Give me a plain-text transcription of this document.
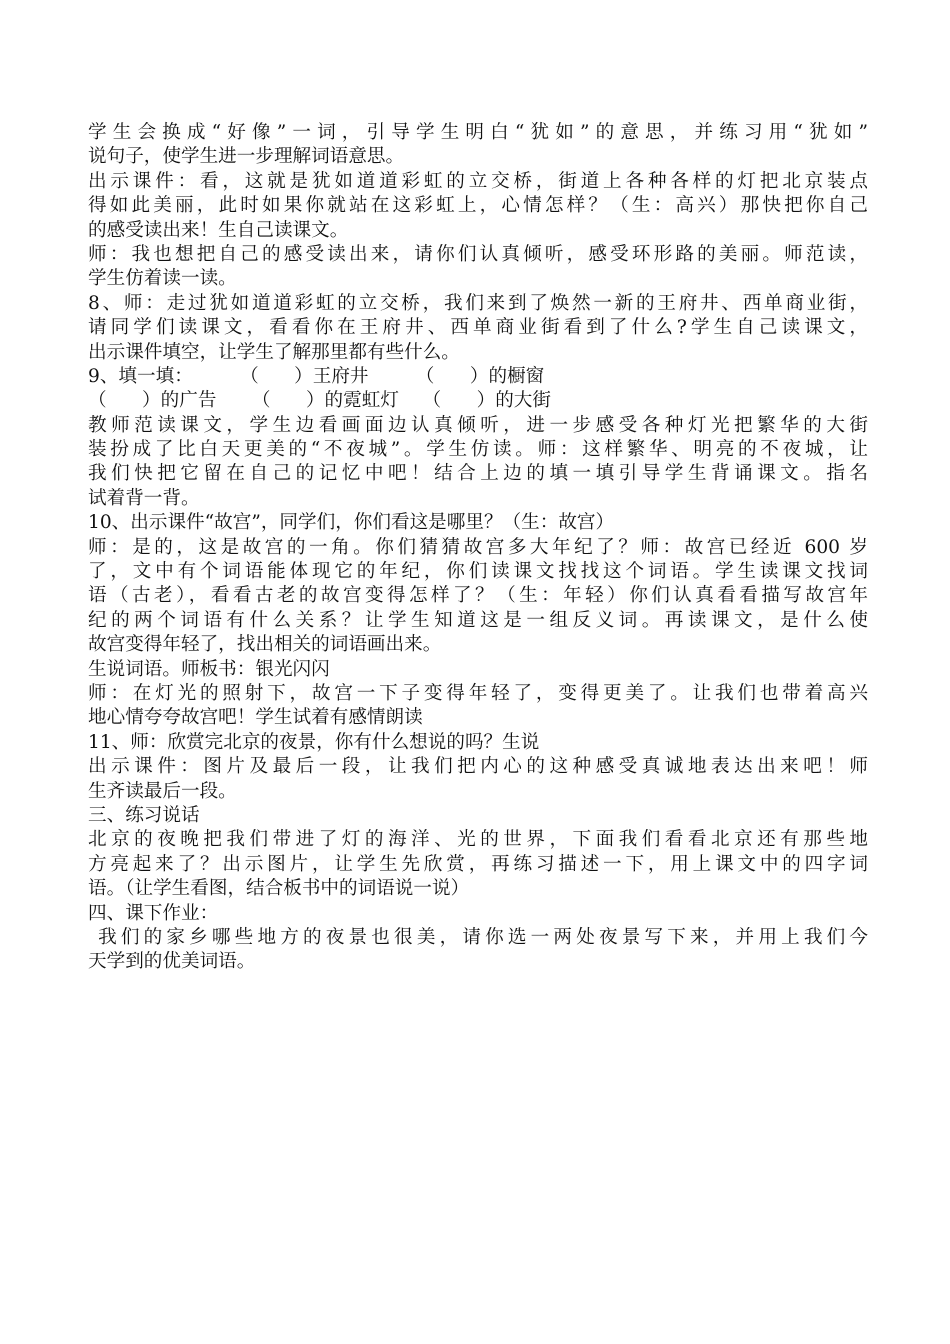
学生会换成“好像”一词，引导学生明白“犹如”的意思，并练习用“犹如”
说句子，使学生进一步理解词语意思。
出示课件：看，这就是犹如道道彩虹的立交桥，街道上各种各样的灯把北京装点
得如此美丽，此时如果你就站在这彩虹上，心情怎样？（生：高兴）那快把你自己
的感受读出来！生自己读课文。
师：我也想把自己的感受读出来，请你们认真倾听，感受环形路的美丽。师范读，
学生仿着读一读。
8、师：走过犹如道道彩虹的立交桥，我们来到了焕然一新的王府井、西单商业街，
请同学们读课文，看看你在王府井、西单商业街看到了什么?学生自己读课文，
出示课件填空，让学生了解那里都有些什么。
9、填一填：        （      ）王府井        （      ）的橱窗
（      ）的广告      （      ）的霓虹灯    （      ）的大街
教师范读课文，学生边看画面边认真倾听，进一步感受各种灯光把繁华的大街
装扮成了比白天更美的“不夜城”。学生仿读。师：这样繁华、明亮的不夜城，让
我们快把它留在自己的记忆中吧！结合上边的填一填引导学生背诵课文。指名
试着背一背。
10、出示课件“故宫”，同学们，你们看这是哪里？（生：故宫）
师：是的，这是故宫的一角。你们猜猜故宫多大年纪了？师：故宫已经近 600 岁
了，文中有个词语能体现它的年纪，你们读课文找找这个词语。学生读课文找词
语（古老），看看古老的故宫变得怎样了？（生：年轻）你们认真看看描写故宫年
纪的两个词语有什么关系？让学生知道这是一组反义词。再读课文，是什么使
故宫变得年轻了，找出相关的词语画出来。
生说词语。师板书：银光闪闪
师：在灯光的照射下，故宫一下子变得年轻了，变得更美了。让我们也带着高兴
地心情夸夸故宫吧！学生试着有感情朗读
11、师：欣赏完北京的夜景，你有什么想说的吗？生说
出示课件：图片及最后一段，让我们把内心的这种感受真诚地表达出来吧！师
生齐读最后一段。
三、练习说话
北京的夜晚把我们带进了灯的海洋、光的世界，下面我们看看北京还有那些地
方亮起来了？出示图片，让学生先欣赏，再练习描述一下，用上课文中的四字词
语。（让学生看图，结合板书中的词语说一说）
四、课下作业：
我们的家乡哪些地方的夜景也很美，请你选一两处夜景写下来，并用上我们今
天学到的优美词语。
